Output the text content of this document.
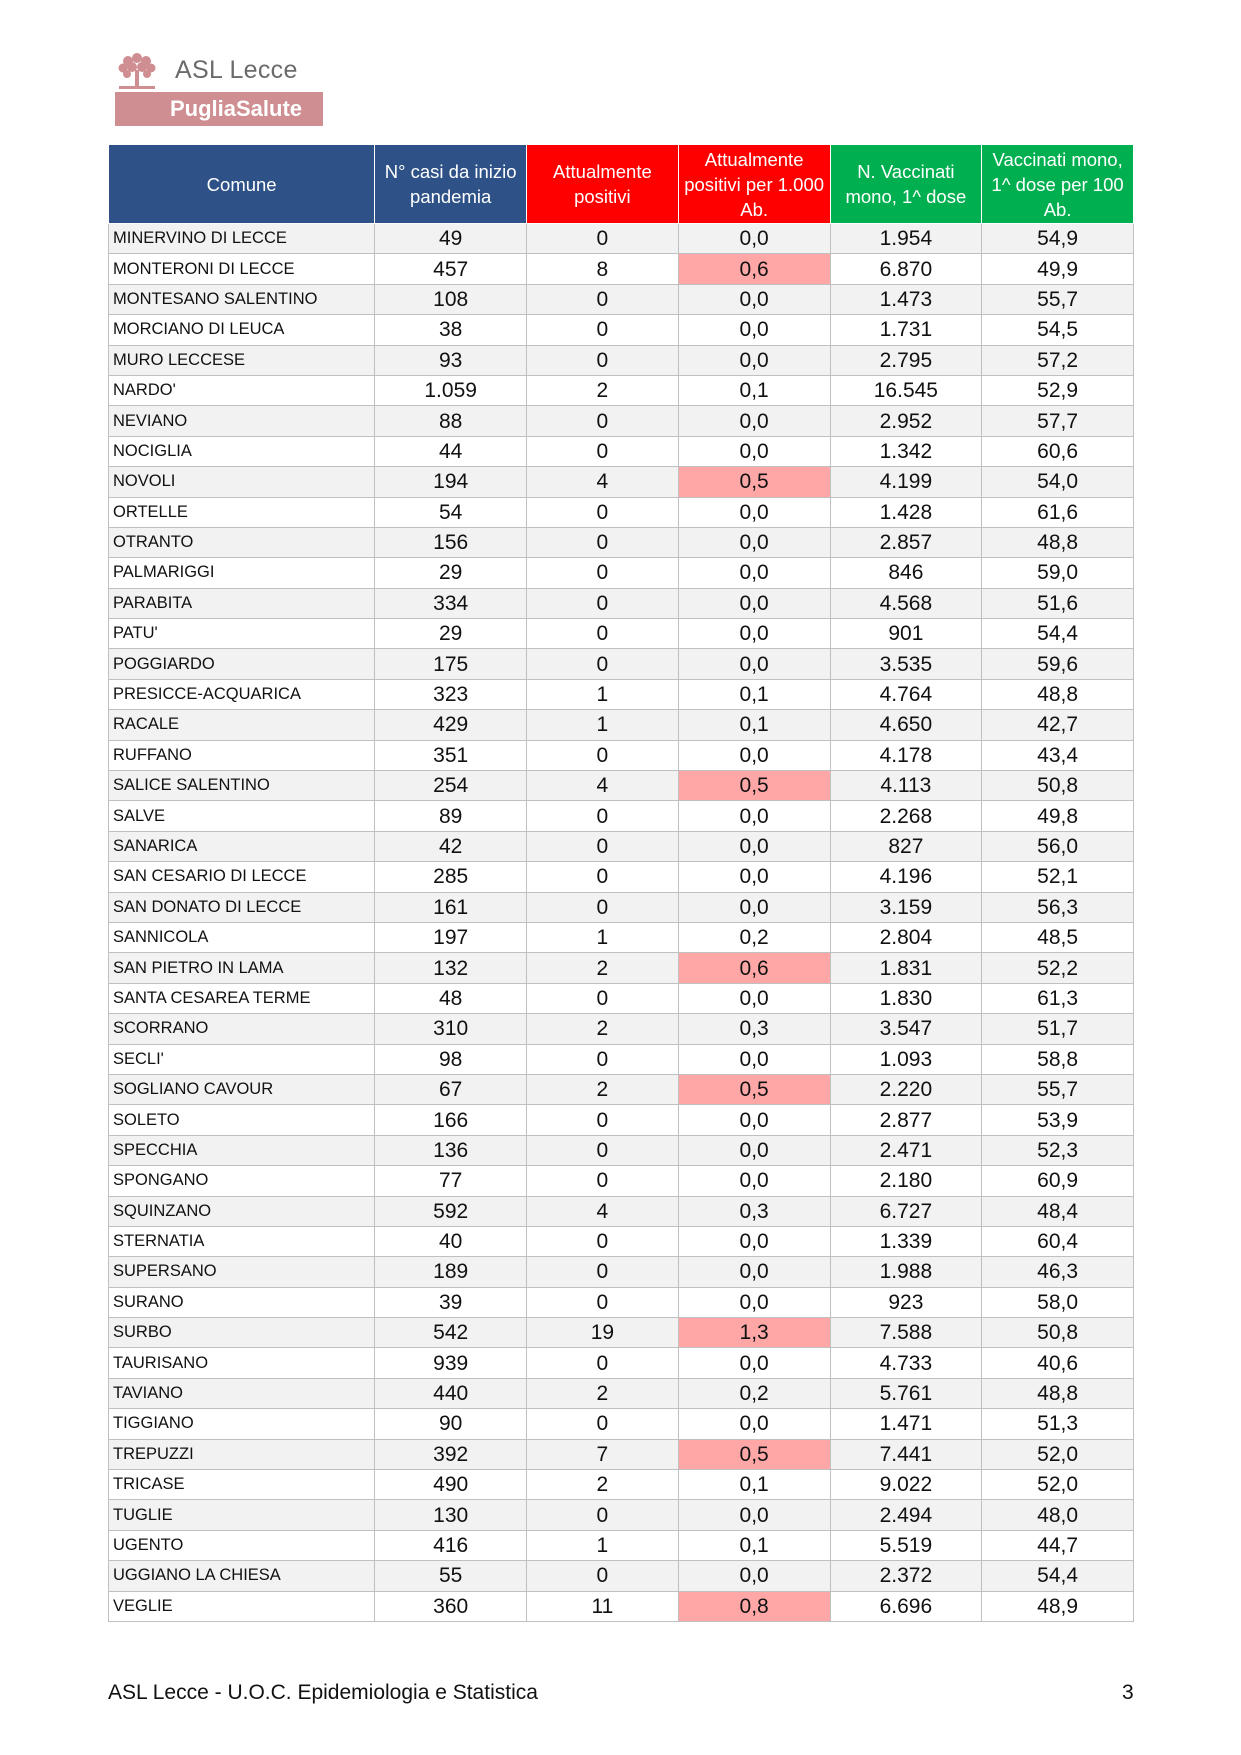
ASL Lecce
PugliaSalute
Comune	N° casi da inizio pandemia	Attualmente positivi	Attualmente positivi per 1.000 Ab.	N. Vaccinati mono, 1^ dose	Vaccinati mono, 1^ dose per 100 Ab.
MINERVINO DI LECCE	49	0	0,0	1.954	54,9
MONTERONI DI LECCE	457	8	0,6	6.870	49,9
MONTESANO SALENTINO	108	0	0,0	1.473	55,7
MORCIANO DI LEUCA	38	0	0,0	1.731	54,5
MURO LECCESE	93	0	0,0	2.795	57,2
NARDO'	1.059	2	0,1	16.545	52,9
NEVIANO	88	0	0,0	2.952	57,7
NOCIGLIA	44	0	0,0	1.342	60,6
NOVOLI	194	4	0,5	4.199	54,0
ORTELLE	54	0	0,0	1.428	61,6
OTRANTO	156	0	0,0	2.857	48,8
PALMARIGGI	29	0	0,0	846	59,0
PARABITA	334	0	0,0	4.568	51,6
PATU'	29	0	0,0	901	54,4
POGGIARDO	175	0	0,0	3.535	59,6
PRESICCE-ACQUARICA	323	1	0,1	4.764	48,8
RACALE	429	1	0,1	4.650	42,7
RUFFANO	351	0	0,0	4.178	43,4
SALICE SALENTINO	254	4	0,5	4.113	50,8
SALVE	89	0	0,0	2.268	49,8
SANARICA	42	0	0,0	827	56,0
SAN CESARIO DI LECCE	285	0	0,0	4.196	52,1
SAN DONATO DI LECCE	161	0	0,0	3.159	56,3
SANNICOLA	197	1	0,2	2.804	48,5
SAN PIETRO IN LAMA	132	2	0,6	1.831	52,2
SANTA CESAREA TERME	48	0	0,0	1.830	61,3
SCORRANO	310	2	0,3	3.547	51,7
SECLI'	98	0	0,0	1.093	58,8
SOGLIANO CAVOUR	67	2	0,5	2.220	55,7
SOLETO	166	0	0,0	2.877	53,9
SPECCHIA	136	0	0,0	2.471	52,3
SPONGANO	77	0	0,0	2.180	60,9
SQUINZANO	592	4	0,3	6.727	48,4
STERNATIA	40	0	0,0	1.339	60,4
SUPERSANO	189	0	0,0	1.988	46,3
SURANO	39	0	0,0	923	58,0
SURBO	542	19	1,3	7.588	50,8
TAURISANO	939	0	0,0	4.733	40,6
TAVIANO	440	2	0,2	5.761	48,8
TIGGIANO	90	0	0,0	1.471	51,3
TREPUZZI	392	7	0,5	7.441	52,0
TRICASE	490	2	0,1	9.022	52,0
TUGLIE	130	0	0,0	2.494	48,0
UGENTO	416	1	0,1	5.519	44,7
UGGIANO LA CHIESA	55	0	0,0	2.372	54,4
VEGLIE	360	11	0,8	6.696	48,9
ASL Lecce - U.O.C. Epidemiologia e Statistica	3
